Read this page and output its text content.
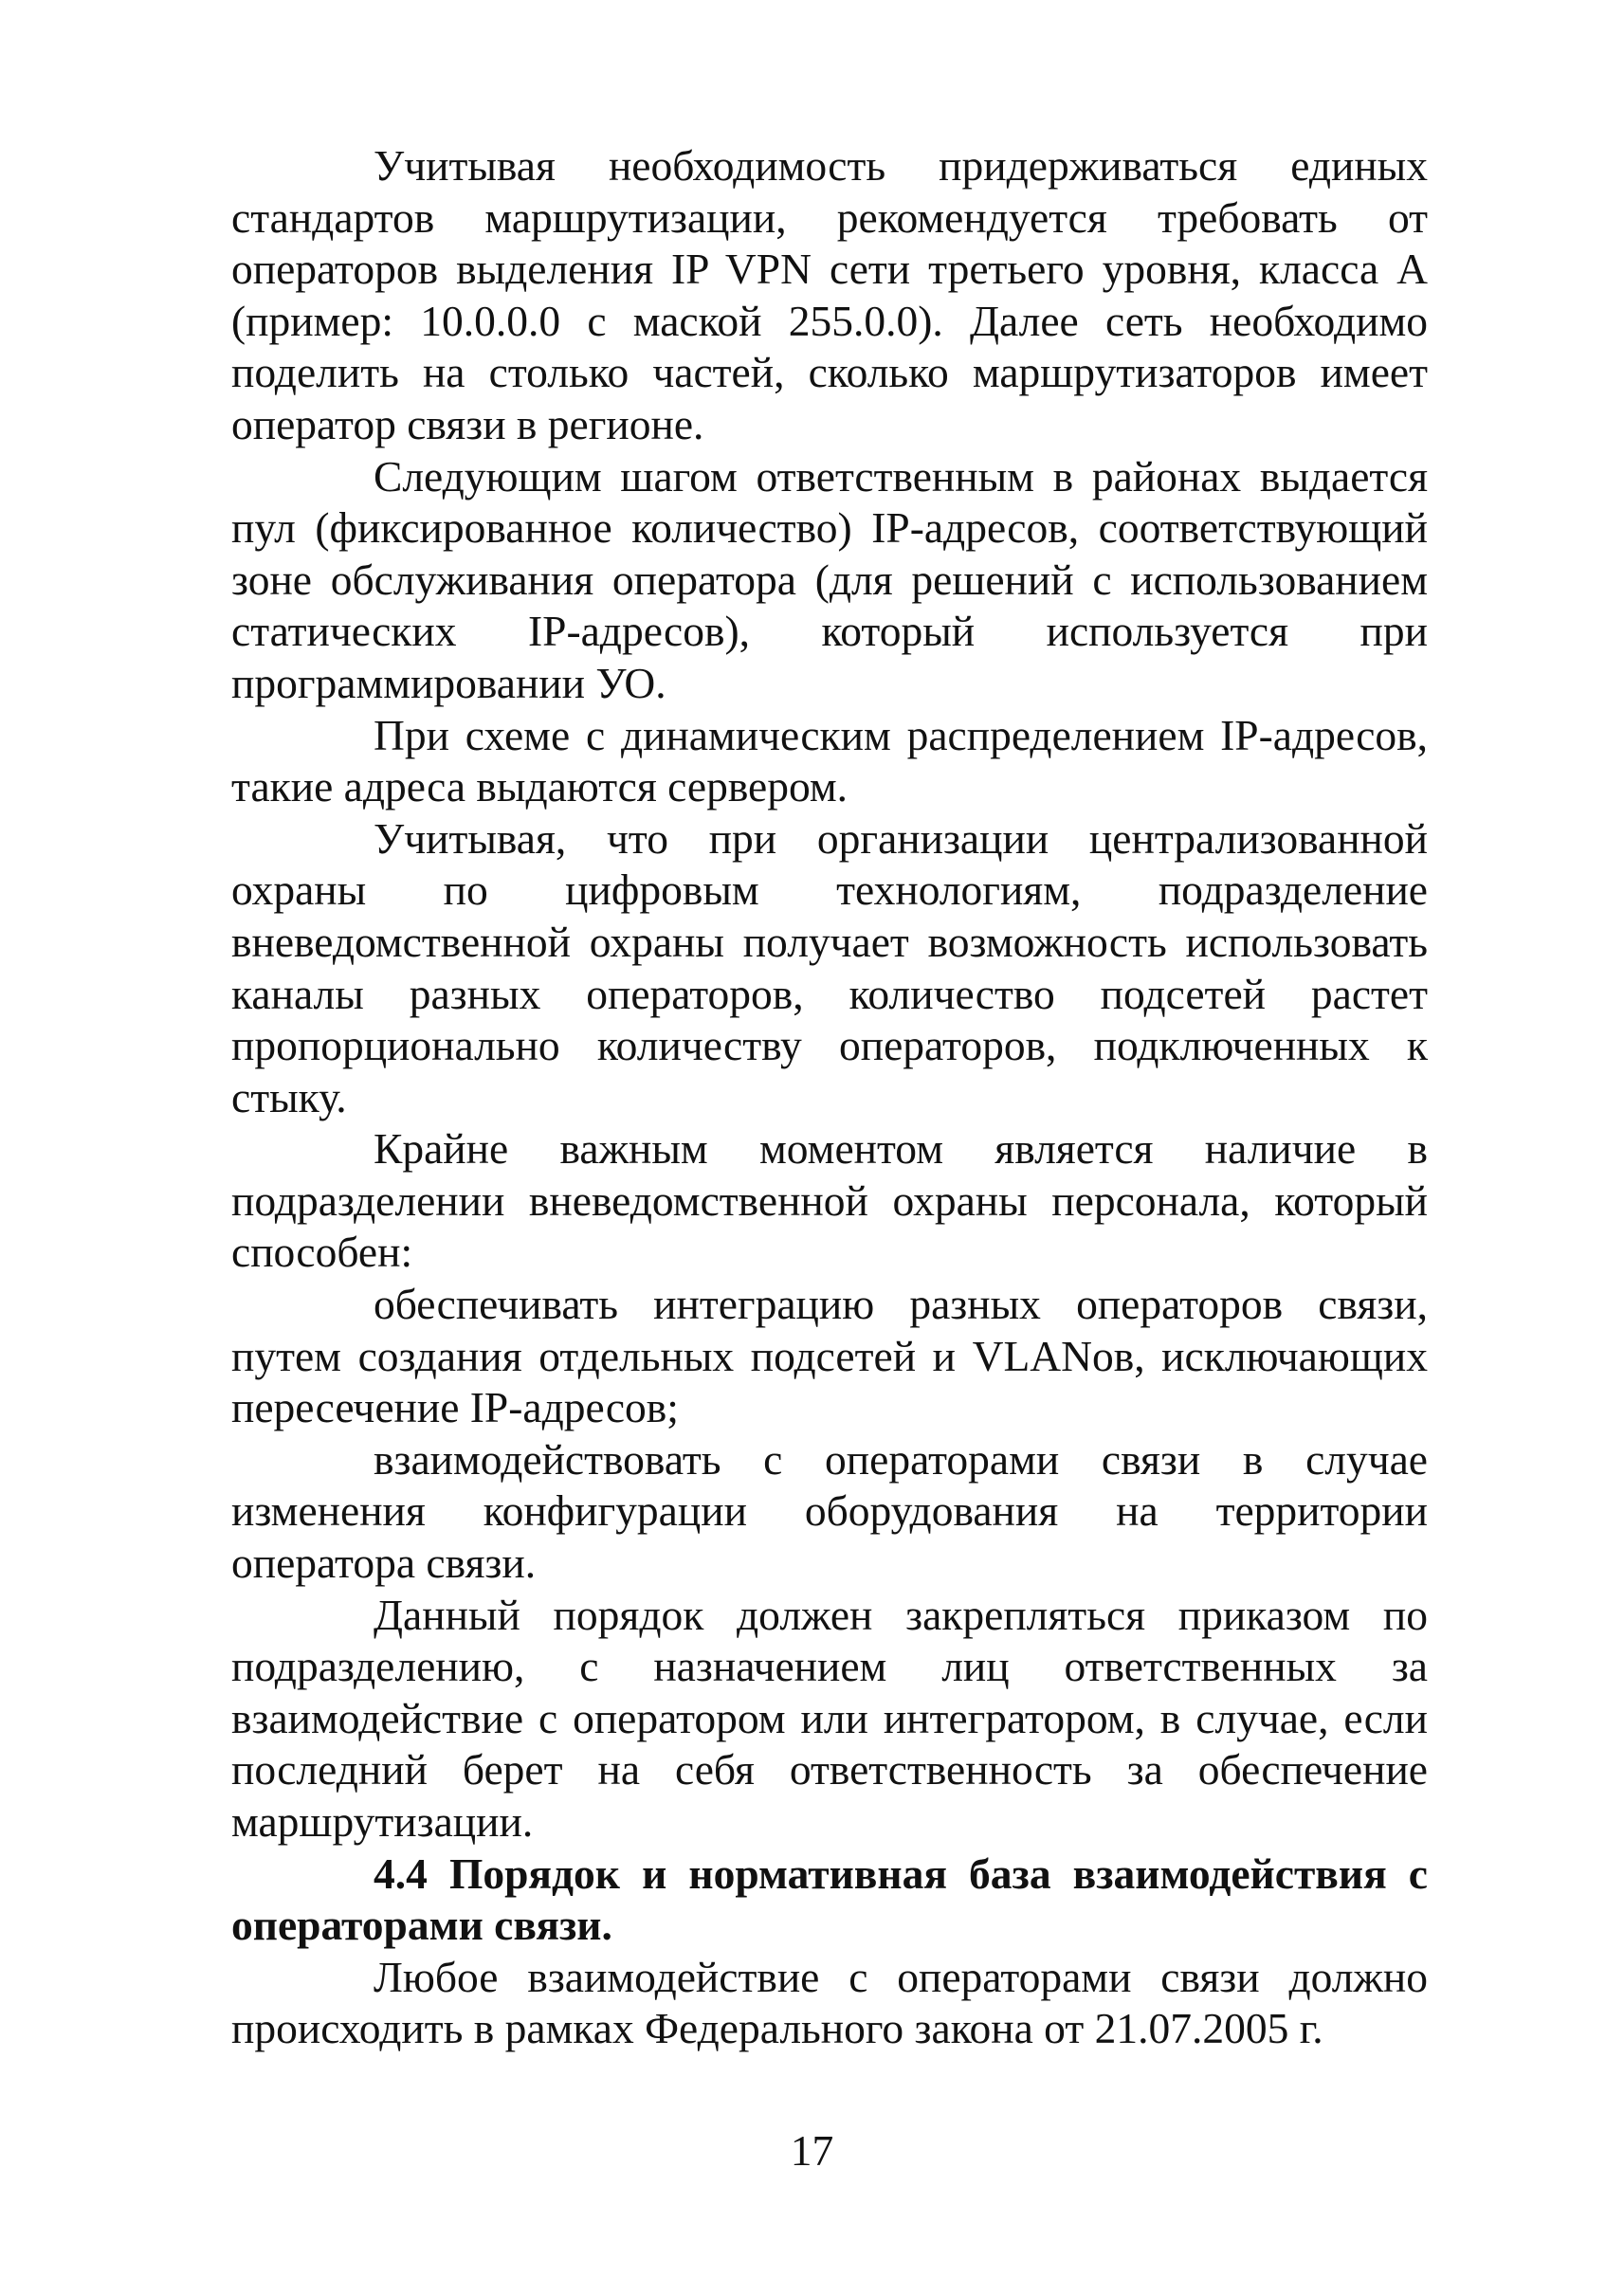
Учитывая необходимость придерживаться единых стандартов маршрутизации, рекомендуется требовать от операторов выделения IP VPN сети третьего уровня, класса А (пример: 10.0.0.0 с маской 255.0.0). Далее сеть необходимо поделить на столько частей, сколько маршрутизаторов имеет оператор связи в регионе.

Следующим шагом ответственным в районах выдается пул (фиксированное количество) IP-адресов, соответствующий зоне обслуживания оператора (для решений с использованием статических IP-адресов), который используется при программировании УО.

При схеме с динамическим распределением IP-адресов, такие адреса выдаются сервером.

Учитывая, что при организации централизованной охраны по цифровым технологиям, подразделение вневедомственной охраны получает возможность использовать каналы разных операторов, количество подсетей растет пропорционально количеству операторов, подключенных к стыку.

Крайне важным моментом является наличие в подразделении вневедомственной охраны персонала, который способен:

обеспечивать интеграцию разных операторов связи, путем создания отдельных подсетей и VLANов, исключающих пересечение IP-адресов;

взаимодействовать с операторами связи в случае изменения конфигурации оборудования на территории оператора связи.

Данный порядок должен закрепляться приказом по подразделению, с назначением лиц ответственных за взаимодействие с оператором или интегратором, в случае, если последний берет на себя ответственность за обеспечение маршрутизации.

4.4 Порядок и нормативная база взаимодействия с операторами связи.

Любое взаимодействие с операторами связи должно происходить в рамках Федерального закона от 21.07.2005 г.

17
